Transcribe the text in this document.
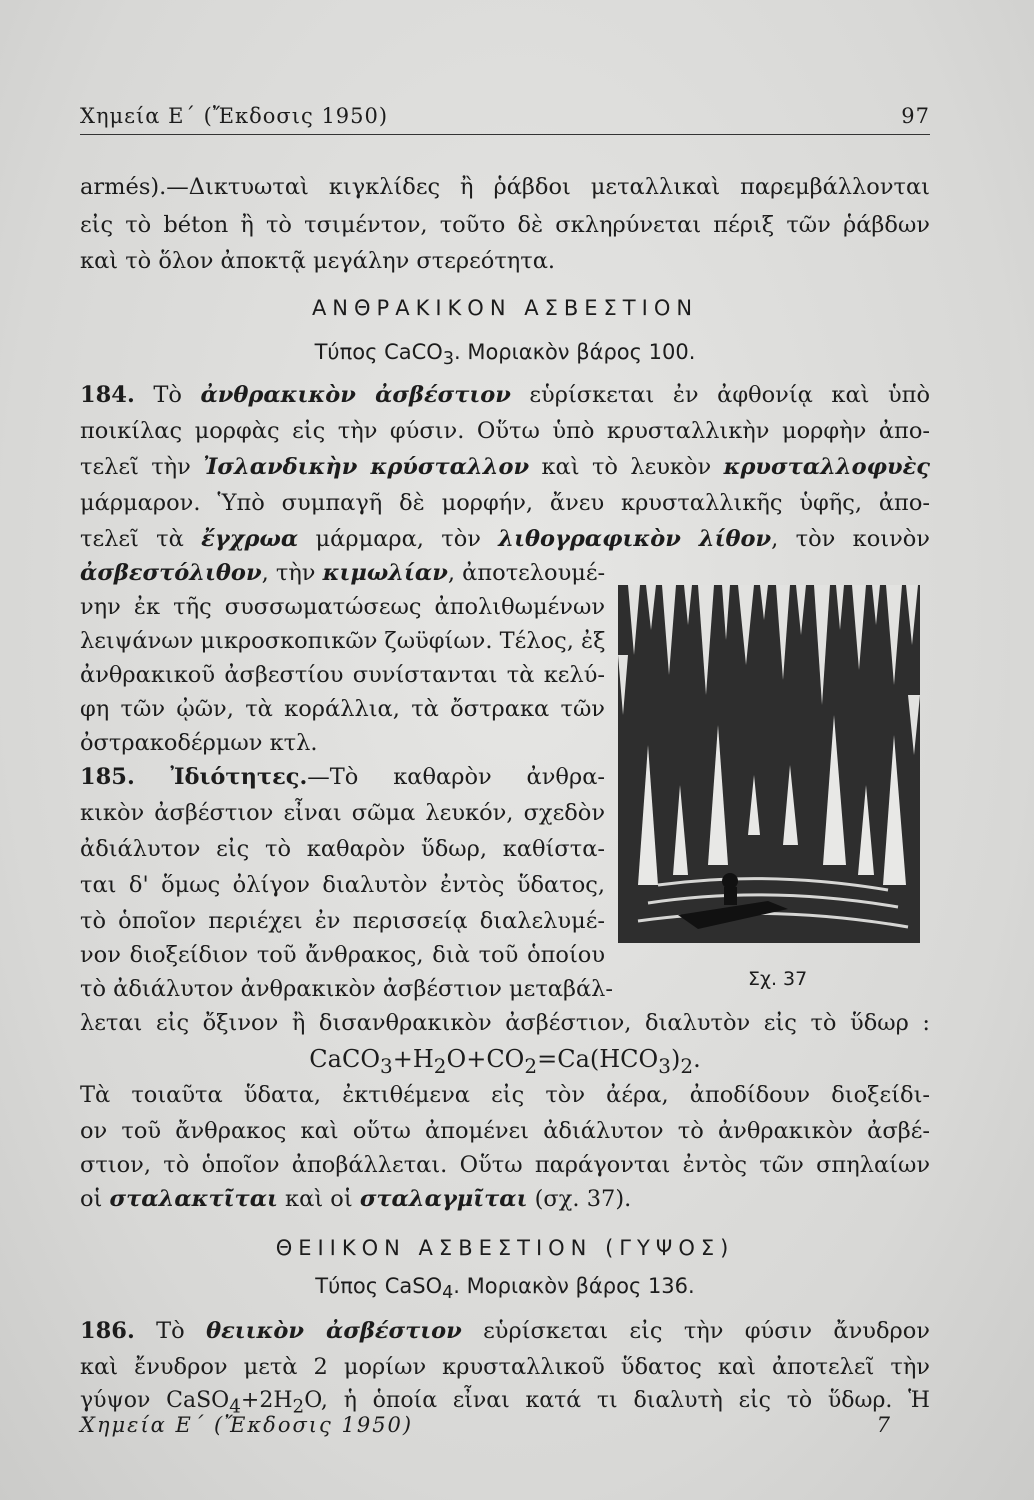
Χημεία Ε΄ (Ἔκδοσις 1950)	97
armés).—Δικτυωταὶ κιγκλίδες ἢ ῥάβδοι μεταλλικαὶ παρεμβάλλονται
εἰς τὸ béton ἢ τὸ τσιμέντον, τοῦτο δὲ σκληρύνεται πέριξ τῶν ῥάβδων
καὶ τὸ ὅλον ἀποκτᾷ μεγάλην στερεότητα.
ΑΝΘΡΑΚΙΚΟΝ ΑΣΒΕΣΤΙΟΝ
Τύπος CaCO$_3$. Μοριακὸν βάρος 100.
184. Τὸ ἀνθρακικὸν ἀσβέστιον εὑρίσκεται ἐν ἀφθονίᾳ καὶ ὑπὸ
ποικίλας μορφὰς εἰς τὴν φύσιν. Οὕτω ὑπὸ κρυσταλλικὴν μορφὴν ἀπο-
τελεῖ τὴν Ἰσλανδικὴν κρύσταλλον καὶ τὸ λευκὸν κρυσταλλοφυὲς
μάρμαρον. Ὑπὸ συμπαγῆ δὲ μορφήν, ἄνευ κρυσταλλικῆς ὑφῆς, ἀπο-
τελεῖ τὰ ἔγχρωα μάρμαρα, τὸν λιθογραφικὸν λίθον, τὸν κοινὸν
ἀσβεστόλιθον, τὴν κιμωλίαν, ἀποτελουμέ-
νην ἐκ τῆς συσσωματώσεως ἀπολιθωμένων
λειψάνων μικροσκοπικῶν ζωϋφίων. Τέλος, ἐξ
ἀνθρακικοῦ ἀσβεστίου συνίστανται τὰ κελύ-
φη τῶν ᾠῶν, τὰ κοράλλια, τὰ ὄστρακα τῶν
ὀστρακοδέρμων κτλ.
185. Ἰδιότητες.—Τὸ καθαρὸν ἀνθρα-
κικὸν ἀσβέστιον εἶναι σῶμα λευκόν, σχεδὸν
ἀδιάλυτον εἰς τὸ καθαρὸν ὕδωρ, καθίστα-
ται δ' ὅμως ὀλίγον διαλυτὸν ἐντὸς ὕδατος,
τὸ ὁποῖον περιέχει ἐν περισσείᾳ διαλελυμέ-
νον διοξείδιον τοῦ ἄνθρακος, διὰ τοῦ ὁποίου
τὸ ἀδιάλυτον ἀνθρακικὸν ἀσβέστιον μεταβάλ-
λεται εἰς ὄξινον ἢ δισανθρακικὸν ἀσβέστιον, διαλυτὸν εἰς τὸ ὕδωρ :
$CaCO_3+H_2O+CO_2=Ca(HCO_3)_2$.
Τὰ τοιαῦτα ὕδατα, ἐκτιθέμενα εἰς τὸν ἀέρα, ἀποδίδουν διοξείδι-
ον τοῦ ἄνθρακος καὶ οὕτω ἀπομένει ἀδιάλυτον τὸ ἀνθρακικὸν ἀσβέ-
στιον, τὸ ὁποῖον ἀποβάλλεται. Οὕτω παράγονται ἐντὸς τῶν σπηλαίων
οἱ σταλακτῖται καὶ οἱ σταλαγμῖται (σχ. 37).
Σχ. 37
ΘΕΙΙΚΟΝ ΑΣΒΕΣΤΙΟΝ (ΓΥΨΟΣ)
Τύπος CaSO$_4$. Μοριακὸν βάρος 136.
186. Τὸ θειικὸν ἀσβέστιον εὑρίσκεται εἰς τὴν φύσιν ἄνυδρον
καὶ ἔνυδρον μετὰ 2 μορίων κρυσταλλικοῦ ὕδατος καὶ ἀποτελεῖ τὴν
γύψον $CaSO_4+2H_2O$, ἡ ὁποία εἶναι κατά τι διαλυτὴ εἰς τὸ ὕδωρ. Ἡ
Χημεία Ε΄ (Ἔκδοσις 1950)	7
